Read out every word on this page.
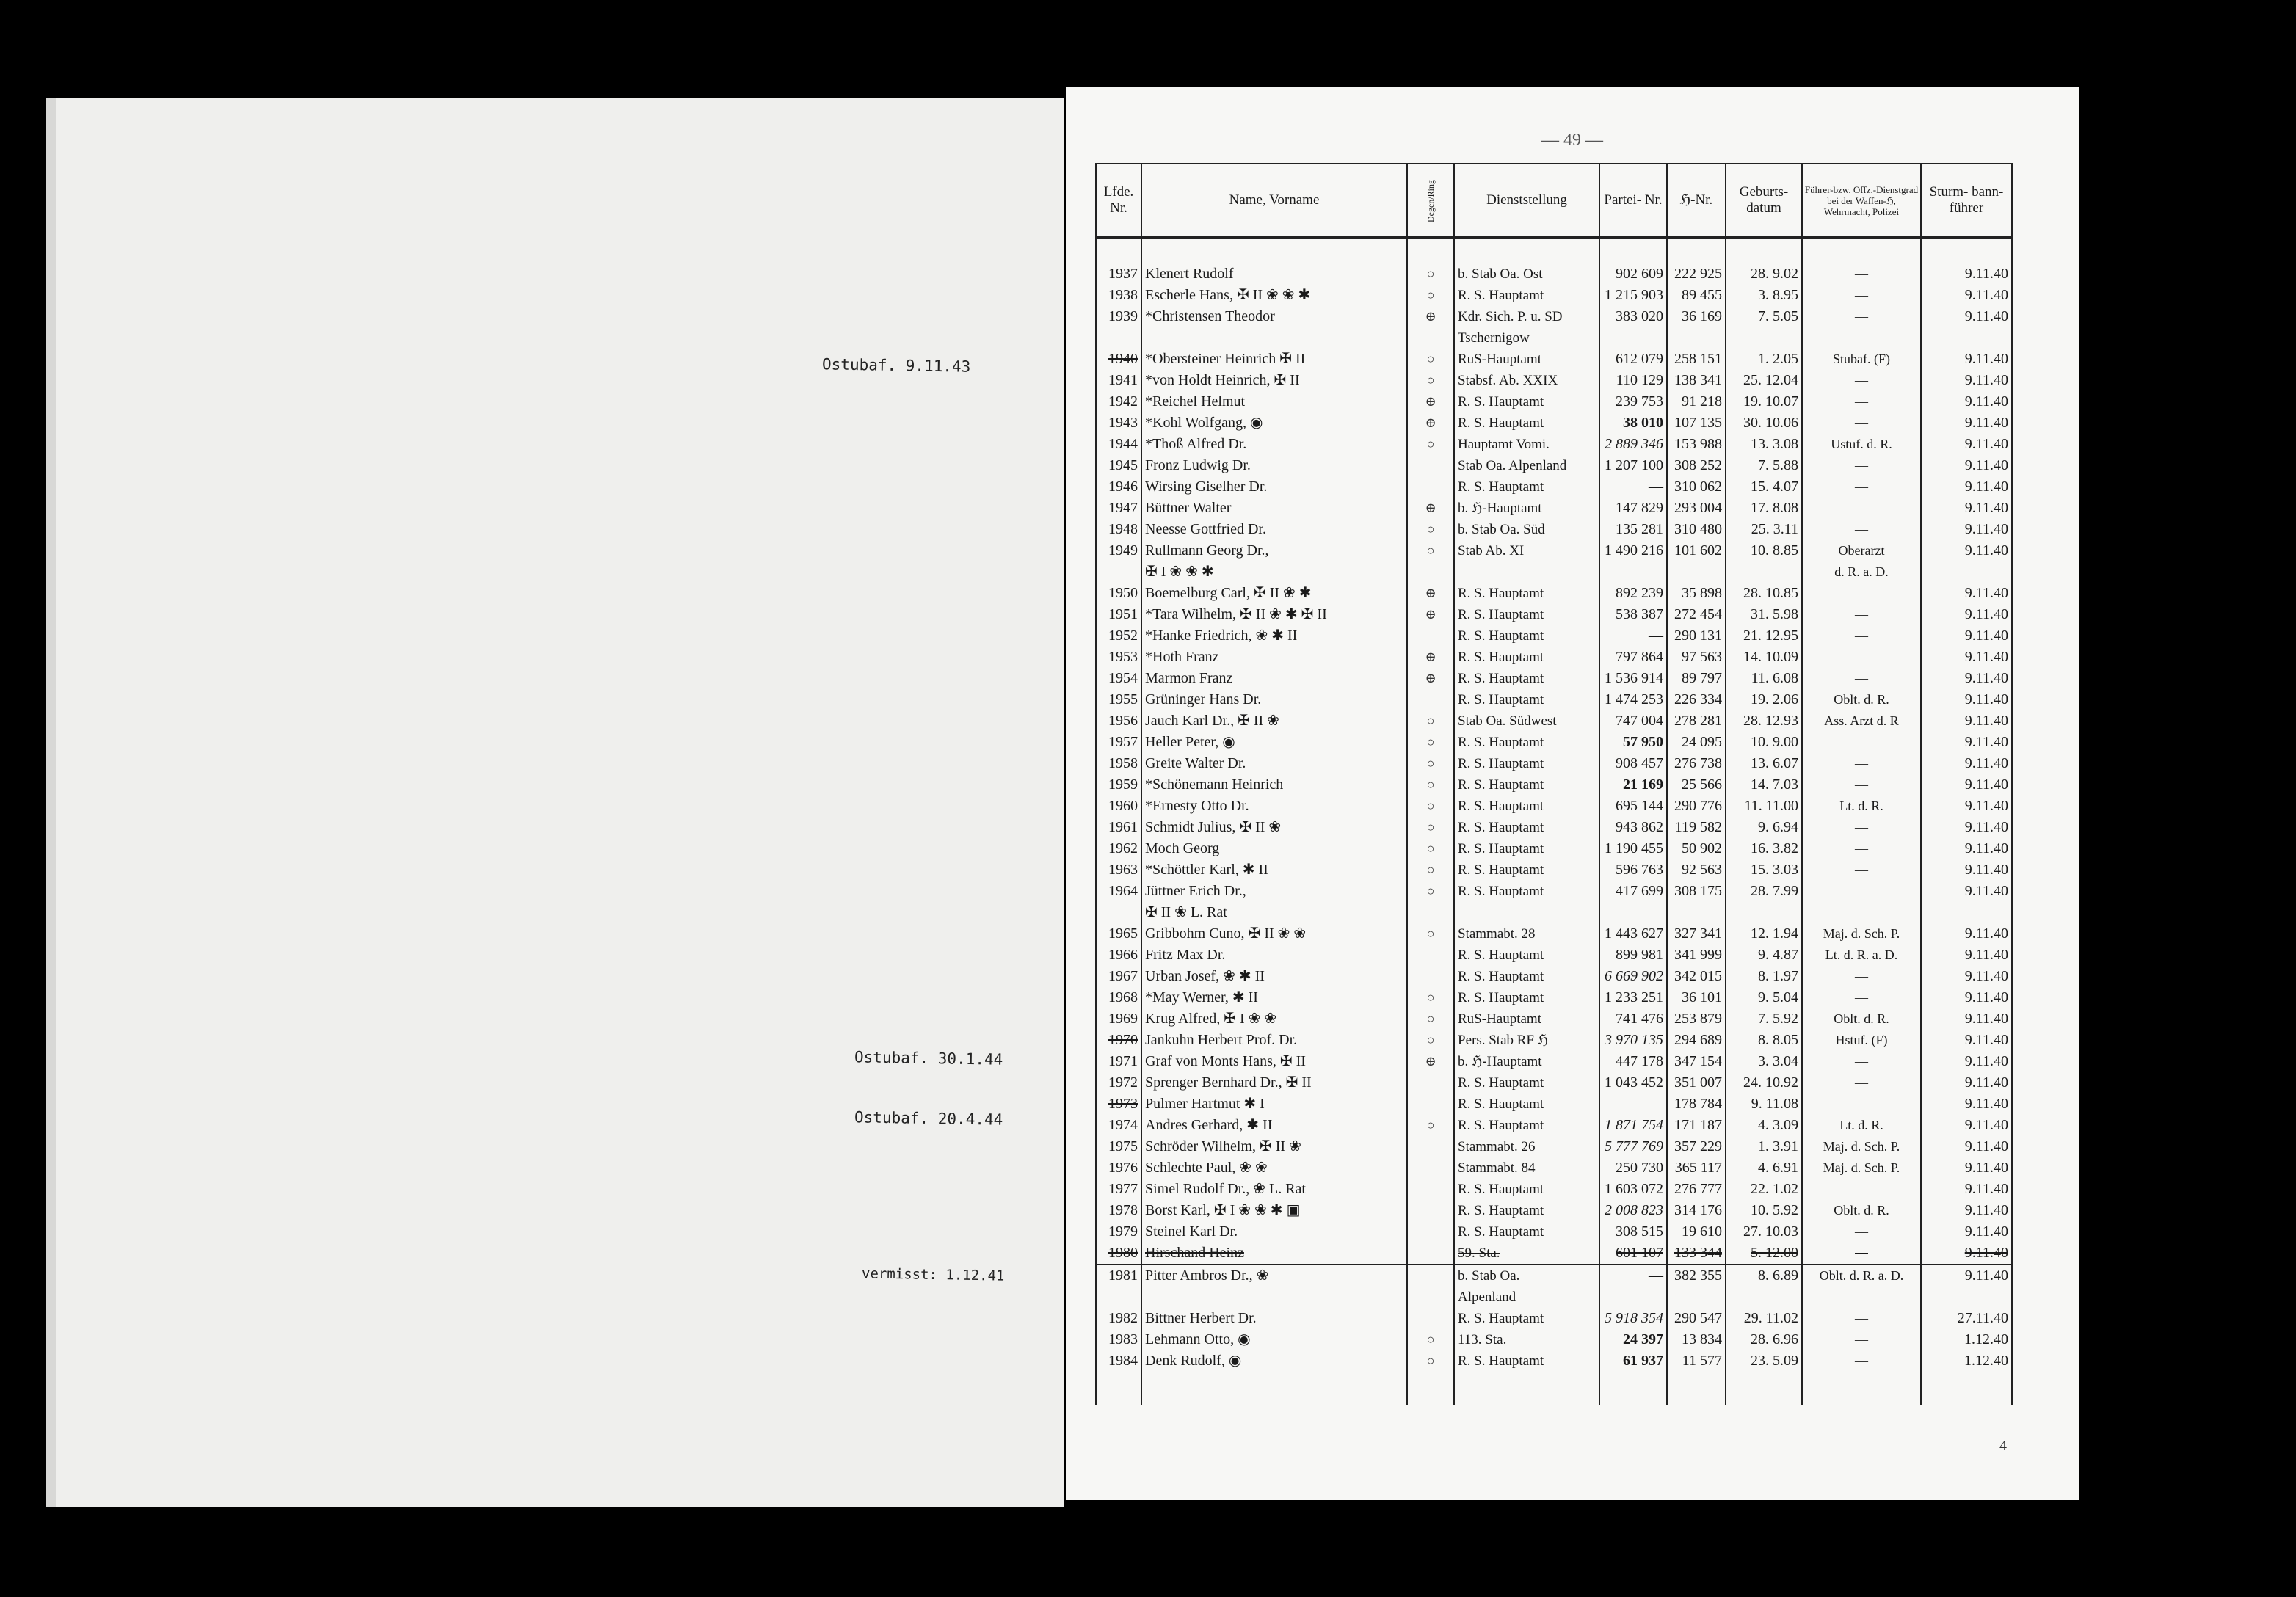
Ostubaf. 9.11.43
Ostubaf. 30.1.44
Ostubaf. 20.4.44
vermisst: 1.12.41
— 49 —
Lfde. Nr.	Name, Vorname	Degen/Ring	Dienststellung	Partei- Nr.	ℌ-Nr.	Geburts- datum	Führer-bzw. Offz.-Dienstgrad bei der Waffen-ℌ, Wehrmacht, Polizei	Sturm- bann- führer

1937	Klenert Rudolf	○	b. Stab Oa. Ost	902 609	222 925	28. 9.02	—	9.11.40
1938	Escherle Hans, ✠ II ❀ ❀ ✱	○	R. S. Hauptamt	1 215 903	89 455	3. 8.95	—	9.11.40
1939	*Christensen Theodor	⊕	Kdr. Sich. P. u. SD	383 020	36 169	7. 5.05	—	9.11.40
			Tschernigow					
1940	*Obersteiner Heinrich ✠ II	○	RuS-Hauptamt	612 079	258 151	1. 2.05	Stubaf. (F)	9.11.40
1941	*von Holdt Heinrich, ✠ II	○	Stabsf. Ab. XXIX	110 129	138 341	25. 12.04	—	9.11.40
1942	*Reichel Helmut	⊕	R. S. Hauptamt	239 753	91 218	19. 10.07	—	9.11.40
1943	*Kohl Wolfgang, ◉	⊕	R. S. Hauptamt	38 010	107 135	30. 10.06	—	9.11.40
1944	*Thoß Alfred Dr.	○	Hauptamt Vomi.	2 889 346	153 988	13. 3.08	Ustuf. d. R.	9.11.40
1945	Fronz Ludwig Dr.		Stab Oa. Alpenland	1 207 100	308 252	7. 5.88	—	9.11.40
1946	Wirsing Giselher Dr.		R. S. Hauptamt	—	310 062	15. 4.07	—	9.11.40
1947	Büttner Walter	⊕	b. ℌ-Hauptamt	147 829	293 004	17. 8.08	—	9.11.40
1948	Neesse Gottfried Dr.	○	b. Stab Oa. Süd	135 281	310 480	25. 3.11	—	9.11.40
1949	Rullmann Georg Dr.,	○	Stab Ab. XI	1 490 216	101 602	10. 8.85	Oberarzt	9.11.40
	✠ I ❀ ❀ ✱						d. R. a. D.	
1950	Boemelburg Carl, ✠ II ❀ ✱	⊕	R. S. Hauptamt	892 239	35 898	28. 10.85	—	9.11.40
1951	*Tara Wilhelm, ✠ II ❀ ✱ ✠ II	⊕	R. S. Hauptamt	538 387	272 454	31. 5.98	—	9.11.40
1952	*Hanke Friedrich, ❀ ✱ II		R. S. Hauptamt	—	290 131	21. 12.95	—	9.11.40
1953	*Hoth Franz	⊕	R. S. Hauptamt	797 864	97 563	14. 10.09	—	9.11.40
1954	Marmon Franz	⊕	R. S. Hauptamt	1 536 914	89 797	11. 6.08	—	9.11.40
1955	Grüninger Hans Dr.		R. S. Hauptamt	1 474 253	226 334	19. 2.06	Oblt. d. R.	9.11.40
1956	Jauch Karl Dr., ✠ II ❀	○	Stab Oa. Südwest	747 004	278 281	28. 12.93	Ass. Arzt d. R	9.11.40
1957	Heller Peter, ◉	○	R. S. Hauptamt	57 950	24 095	10. 9.00	—	9.11.40
1958	Greite Walter Dr.	○	R. S. Hauptamt	908 457	276 738	13. 6.07	—	9.11.40
1959	*Schönemann Heinrich	○	R. S. Hauptamt	21 169	25 566	14. 7.03	—	9.11.40
1960	*Ernesty Otto Dr.	○	R. S. Hauptamt	695 144	290 776	11. 11.00	Lt. d. R.	9.11.40
1961	Schmidt Julius, ✠ II ❀	○	R. S. Hauptamt	943 862	119 582	9. 6.94	—	9.11.40
1962	Moch Georg	○	R. S. Hauptamt	1 190 455	50 902	16. 3.82	—	9.11.40
1963	*Schöttler Karl, ✱ II	○	R. S. Hauptamt	596 763	92 563	15. 3.03	—	9.11.40
1964	Jüttner Erich Dr.,	○	R. S. Hauptamt	417 699	308 175	28. 7.99	—	9.11.40
	✠ II ❀ L. Rat							
1965	Gribbohm Cuno, ✠ II ❀ ❀	○	Stammabt. 28	1 443 627	327 341	12. 1.94	Maj. d. Sch. P.	9.11.40
1966	Fritz Max Dr.		R. S. Hauptamt	899 981	341 999	9. 4.87	Lt. d. R. a. D.	9.11.40
1967	Urban Josef, ❀ ✱ II		R. S. Hauptamt	6 669 902	342 015	8. 1.97	—	9.11.40
1968	*May Werner, ✱ II	○	R. S. Hauptamt	1 233 251	36 101	9. 5.04	—	9.11.40
1969	Krug Alfred, ✠ I ❀ ❀	○	RuS-Hauptamt	741 476	253 879	7. 5.92	Oblt. d. R.	9.11.40
1970	Jankuhn Herbert Prof. Dr.	○	Pers. Stab RF ℌ	3 970 135	294 689	8. 8.05	Hstuf. (F)	9.11.40
1971	Graf von Monts Hans, ✠ II	⊕	b. ℌ-Hauptamt	447 178	347 154	3. 3.04	—	9.11.40
1972	Sprenger Bernhard Dr., ✠ II		R. S. Hauptamt	1 043 452	351 007	24. 10.92	—	9.11.40
1973	Pulmer Hartmut ✱ I		R. S. Hauptamt	—	178 784	9. 11.08	—	9.11.40
1974	Andres Gerhard, ✱ II	○	R. S. Hauptamt	1 871 754	171 187	4. 3.09	Lt. d. R.	9.11.40
1975	Schröder Wilhelm, ✠ II ❀		Stammabt. 26	5 777 769	357 229	1. 3.91	Maj. d. Sch. P.	9.11.40
1976	Schlechte Paul, ❀ ❀		Stammabt. 84	250 730	365 117	4. 6.91	Maj. d. Sch. P.	9.11.40
1977	Simel Rudolf Dr., ❀ L. Rat		R. S. Hauptamt	1 603 072	276 777	22. 1.02	—	9.11.40
1978	Borst Karl, ✠ I ❀ ❀ ✱ ▣		R. S. Hauptamt	2 008 823	314 176	10. 5.92	Oblt. d. R.	9.11.40
1979	Steinel Karl Dr.		R. S. Hauptamt	308 515	19 610	27. 10.03	—	9.11.40
1980	Hirschand Heinz		59. Sta.	601 107	133 344	5. 12.00	—	9.11.40
1981	Pitter Ambros Dr., ❀		b. Stab Oa.	—	382 355	8. 6.89	Oblt. d. R. a. D.	9.11.40
			Alpenland					
1982	Bittner Herbert Dr.		R. S. Hauptamt	5 918 354	290 547	29. 11.02	—	27.11.40
1983	Lehmann Otto, ◉	○	113. Sta.	24 397	13 834	28. 6.96	—	1.12.40
1984	Denk Rudolf, ◉	○	R. S. Hauptamt	61 937	11 577	23. 5.09	—	1.12.40

4
